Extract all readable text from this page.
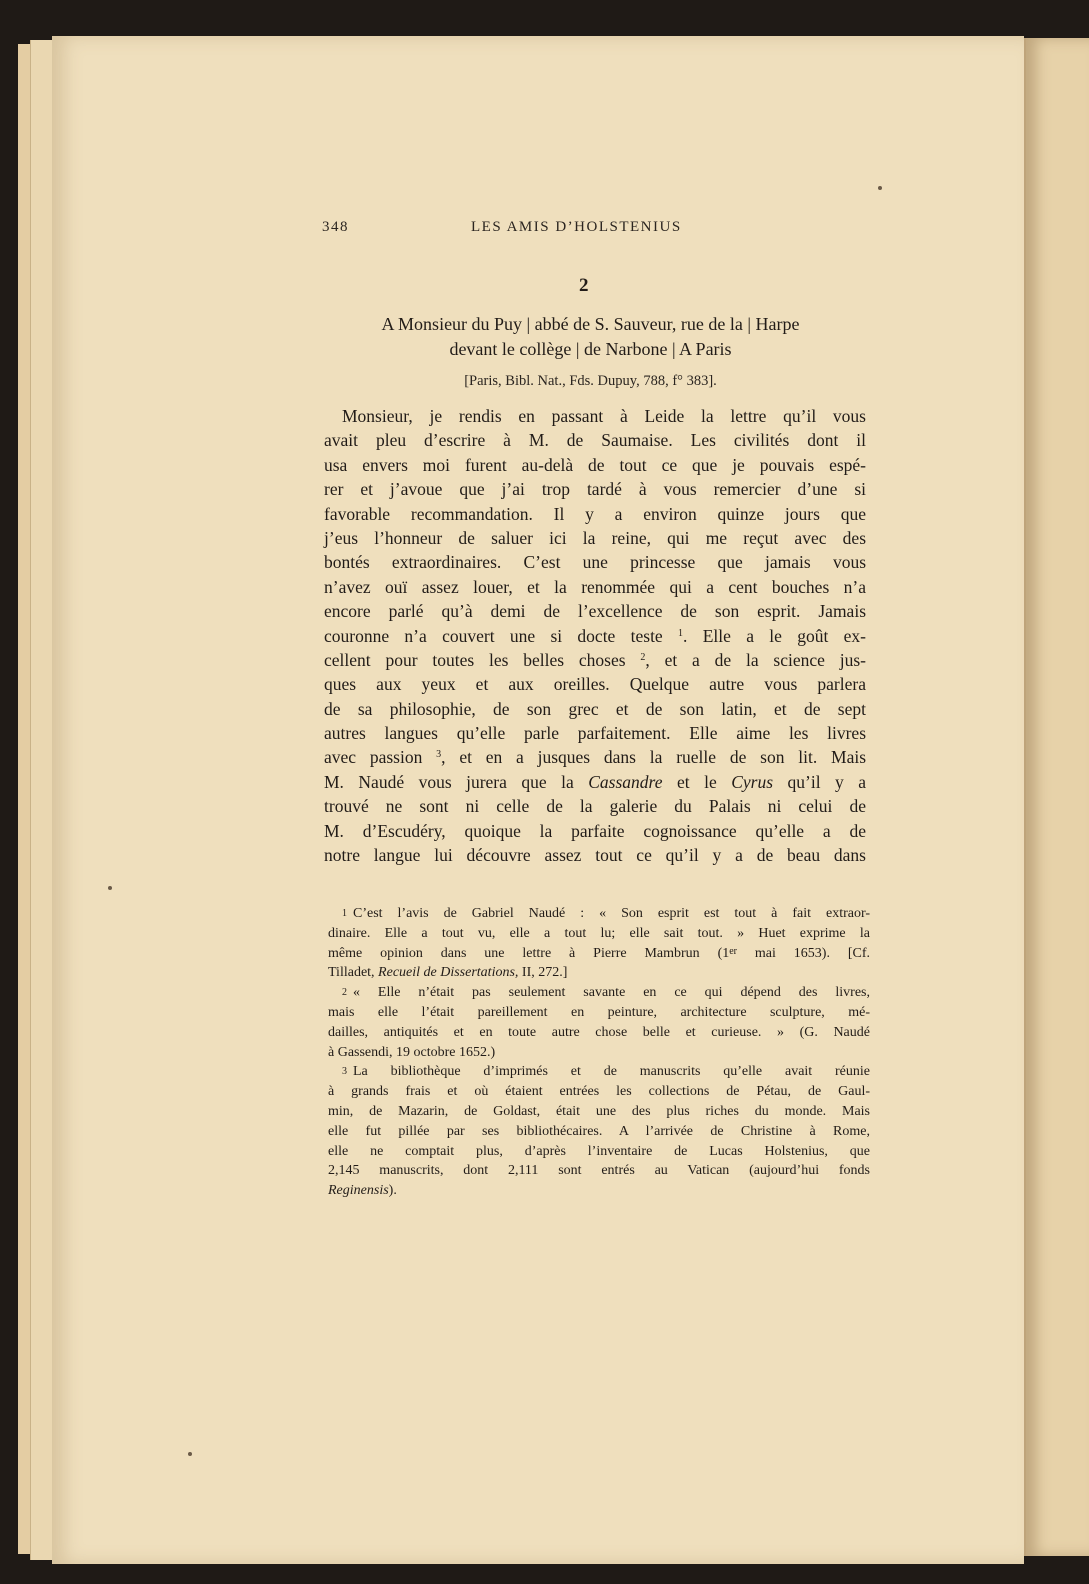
348	LES AMIS D’HOLSTENIUS
2
A Monsieur du Puy | abbé de S. Sauveur, rue de la | Harpe
devant le collège | de Narbone | A Paris
[Paris, Bibl. Nat., Fds. Dupuy, 788, f° 383].
Monsieur, je rendis en passant à Leide la lettre qu’il vous
avait pleu d’escrire à M. de Saumaise. Les civilités dont il
usa envers moi furent au-delà de tout ce que je pouvais espé-
rer et j’avoue que j’ai trop tardé à vous remercier d’une si
favorable recommandation. Il y a environ quinze jours que
j’eus l’honneur de saluer ici la reine, qui me reçut avec des
bontés extraordinaires. C’est une princesse que jamais vous
n’avez ouï assez louer, et la renommée qui a cent bouches n’a
encore parlé qu’à demi de l’excellence de son esprit. Jamais
couronne n’a couvert une si docte teste $^1$. Elle a le goût ex-
cellent pour toutes les belles choses $^2$, et a de la science jus-
ques aux yeux et aux oreilles. Quelque autre vous parlera
de sa philosophie, de son grec et de son latin, et de sept
autres langues qu’elle parle parfaitement. Elle aime les livres
avec passion $^3$, et en a jusques dans la ruelle de son lit. Mais
M. Naudé vous jurera que la Cassandre et le Cyrus qu’il y a
trouvé ne sont ni celle de la galerie du Palais ni celui de
M. d’Escudéry, quoique la parfaite cognoissance qu’elle a de
notre langue lui découvre assez tout ce qu’il y a de beau dans
$^1$ C’est l’avis de Gabriel Naudé : « Son esprit est tout à fait extraor-
dinaire. Elle a tout vu, elle a tout lu; elle sait tout. » Huet exprime la
même opinion dans une lettre à Pierre Mambrun (1er mai 1653). [Cf.
Tilladet, Recueil de Dissertations, II, 272.]
$^2$ « Elle n’était pas seulement savante en ce qui dépend des livres,
mais elle l’était pareillement en peinture, architecture sculpture, mé-
dailles, antiquités et en toute autre chose belle et curieuse. » (G. Naudé
à Gassendi, 19 octobre 1652.)
$^3$ La bibliothèque d’imprimés et de manuscrits qu’elle avait réunie
à grands frais et où étaient entrées les collections de Pétau, de Gaul-
min, de Mazarin, de Goldast, était une des plus riches du monde. Mais
elle fut pillée par ses bibliothécaires. A l’arrivée de Christine à Rome,
elle ne comptait plus, d’après l’inventaire de Lucas Holstenius, que
2,145 manuscrits, dont 2,111 sont entrés au Vatican (aujourd’hui fonds
Reginensis).
